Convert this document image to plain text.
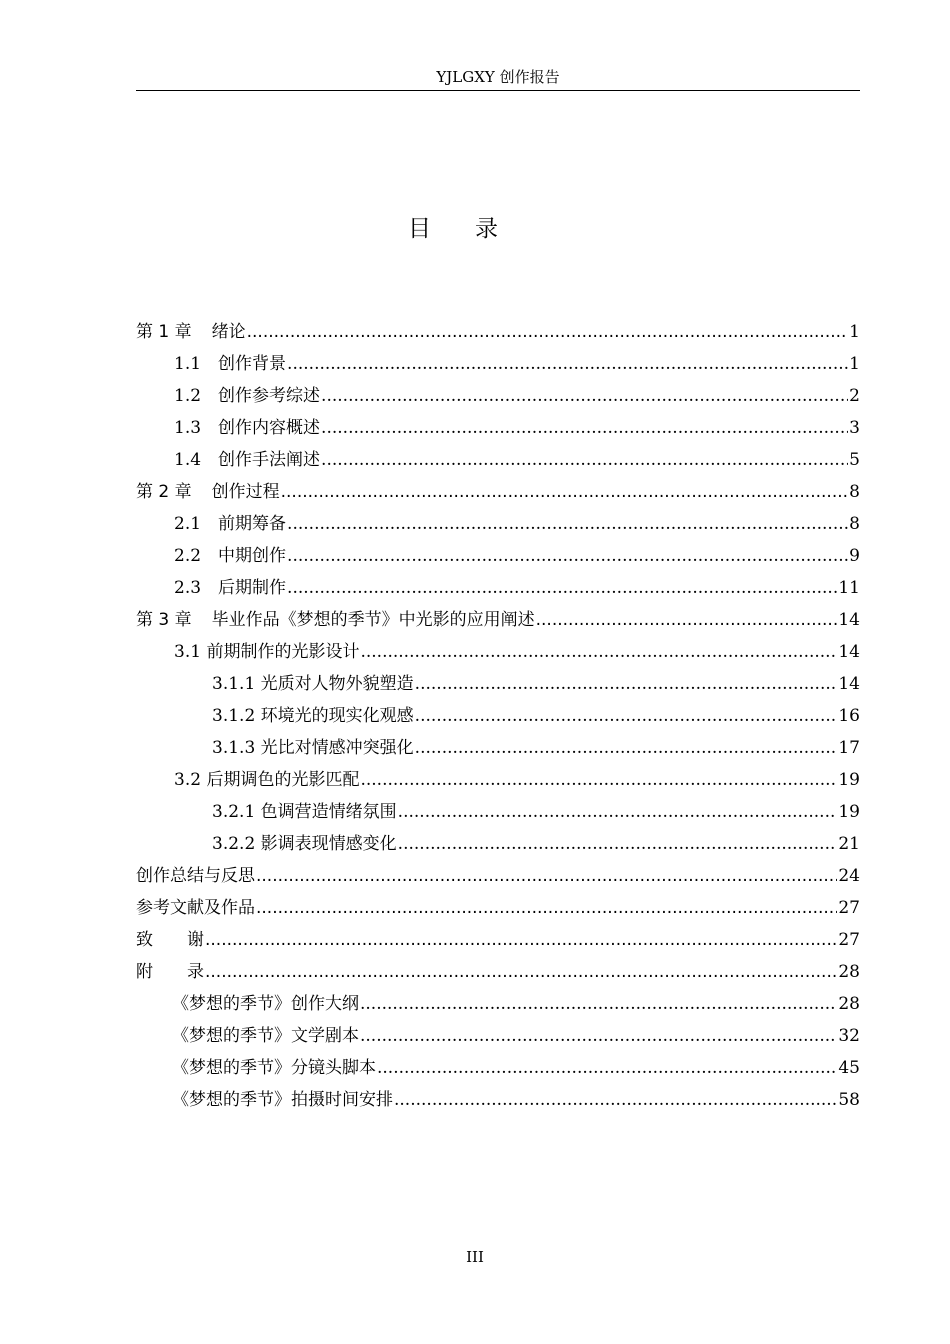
YJLGXY 创作报告
目录
第 1 章 绪论 .....	1
1.1 创作背景 .....	1
1.2 创作参考综述 .....	2
1.3 创作内容概述 .....	3
1.4 创作手法阐述 .....	5
第 2 章 创作过程 .....	8
2.1 前期筹备 .....	8
2.2 中期创作 .....	9
2.3 后期制作 .....	11
第 3 章 毕业作品《梦想的季节》中光影的应用阐述 .....	14
3.1 前期制作的光影设计 .....	14
3.1.1 光质对人物外貌塑造 .....	14
3.1.2 环境光的现实化观感 .....	16
3.1.3 光比对情感冲突强化 .....	17
3.2 后期调色的光影匹配 .....	19
3.2.1 色调营造情绪氛围 .....	19
3.2.2 影调表现情感变化 .....	21
创作总结与反思 .....	24
参考文献及作品 .....	27
致　　谢 .....	27
附　　录 .....	28
《梦想的季节》创作大纲 .....	28
《梦想的季节》文学剧本 .....	32
《梦想的季节》分镜头脚本 .....	45
《梦想的季节》拍摄时间安排 .....	58
III
